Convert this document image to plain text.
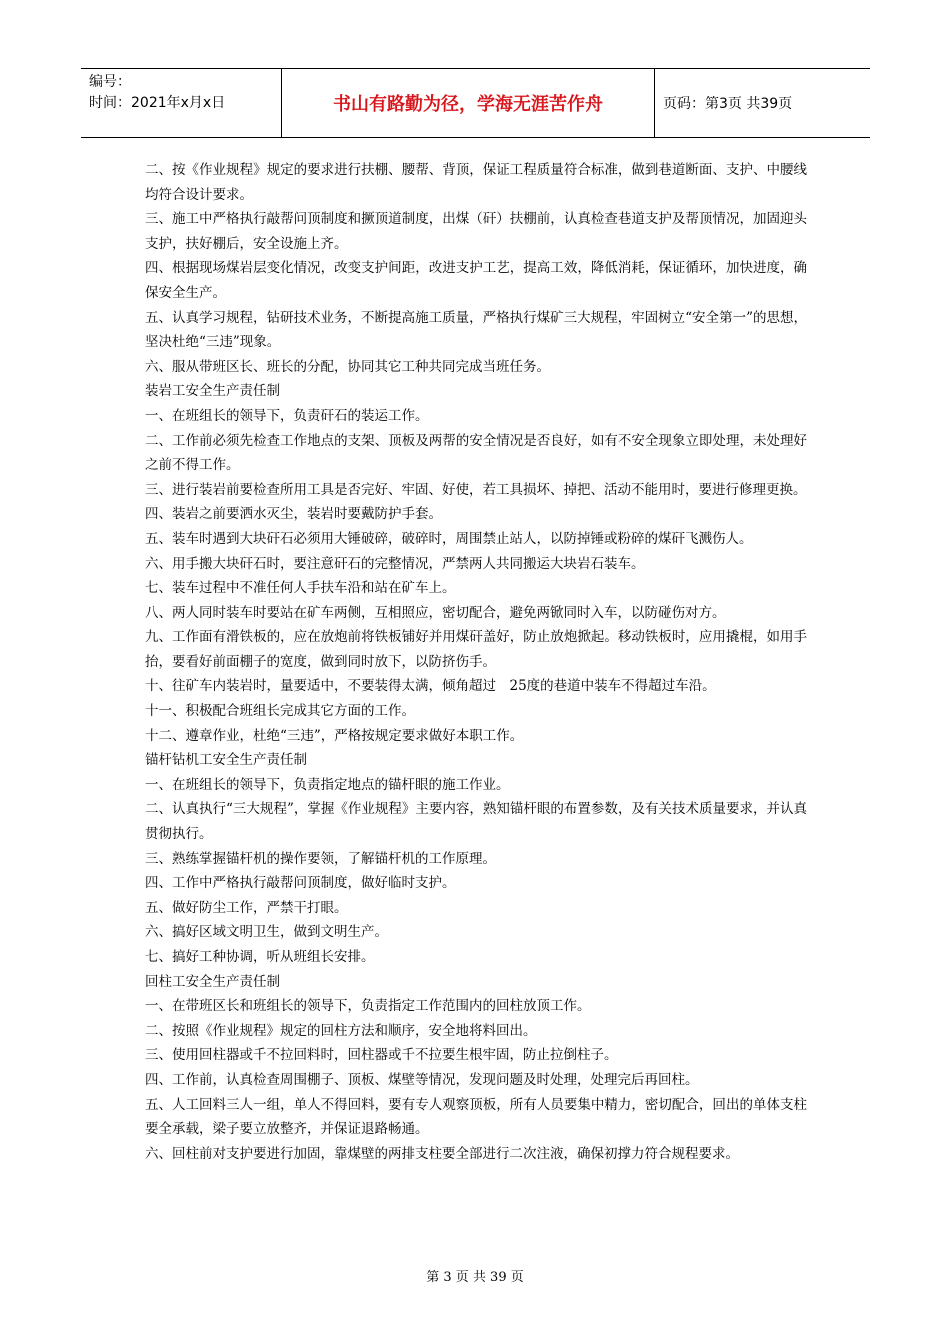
编号：
时间：2021年x月x日	书山有路勤为径，学海无涯苦作舟	页码：第3页 共39页

二、按《作业规程》规定的要求进行扶棚、腰帮、背顶，保证工程质量符合标准，做到巷道断面、支护、中腰线均符合设计要求。

三、施工中严格执行敲帮问顶制度和撅顶道制度，出煤（矸）扶棚前，认真检查巷道支护及帮顶情况，加固迎头支护，扶好棚后，安全设施上齐。

四、根据现场煤岩层变化情况，改变支护间距，改进支护工艺，提高工效，降低消耗，保证循环，加快进度，确保安全生产。

五、认真学习规程，钻研技术业务，不断提高施工质量，严格执行煤矿三大规程，牢固树立“安全第一”的思想，坚决杜绝“三违”现象。

六、服从带班区长、班长的分配，协同其它工种共同完成当班任务。

装岩工安全生产责任制

一、在班组长的领导下，负责矸石的装运工作。

二、工作前必须先检查工作地点的支架、顶板及两帮的安全情况是否良好，如有不安全现象立即处理，未处理好之前不得工作。

三、进行装岩前要检查所用工具是否完好、牢固、好使，若工具损坏、掉把、活动不能用时，要进行修理更换。

四、装岩之前要洒水灭尘，装岩时要戴防护手套。

五、装车时遇到大块矸石必须用大锤破碎，破碎时，周围禁止站人，以防掉锤或粉碎的煤矸飞溅伤人。

六、用手搬大块矸石时，要注意矸石的完整情况，严禁两人共同搬运大块岩石装车。

七、装车过程中不准任何人手扶车沿和站在矿车上。

八、两人同时装车时要站在矿车两侧，互相照应，密切配合，避免两锨同时入车，以防碰伤对方。

九、工作面有滑铁板的，应在放炮前将铁板铺好并用煤矸盖好，防止放炮掀起。移动铁板时，应用撬棍，如用手抬，要看好前面棚子的宽度，做到同时放下，以防挤伤手。

十、往矿车内装岩时，量要适中，不要装得太满，倾角超过　25度的巷道中装车不得超过车沿。

十一、积极配合班组长完成其它方面的工作。

十二、遵章作业，杜绝“三违”，严格按规定要求做好本职工作。

锚杆钻机工安全生产责任制

一、在班组长的领导下，负责指定地点的锚杆眼的施工作业。

二、认真执行“三大规程”，掌握《作业规程》主要内容，熟知锚杆眼的布置参数，及有关技术质量要求，并认真贯彻执行。

三、熟练掌握锚杆机的操作要领，了解锚杆机的工作原理。

四、工作中严格执行敲帮问顶制度，做好临时支护。

五、做好防尘工作，严禁干打眼。

六、搞好区域文明卫生，做到文明生产。

七、搞好工种协调，听从班组长安排。

回柱工安全生产责任制

一、在带班区长和班组长的领导下，负责指定工作范围内的回柱放顶工作。

二、按照《作业规程》规定的回柱方法和顺序，安全地将料回出。

三、使用回柱器或千不拉回料时，回柱器或千不拉要生根牢固，防止拉倒柱子。

四、工作前，认真检查周围棚子、顶板、煤壁等情况，发现问题及时处理，处理完后再回柱。

五、人工回料三人一组，单人不得回料，要有专人观察顶板，所有人员要集中精力，密切配合，回出的单体支柱要全承载，梁子要立放整齐，并保证退路畅通。

六、回柱前对支护要进行加固，靠煤壁的两排支柱要全部进行二次注液，确保初撑力符合规程要求。

第 3 页 共 39 页
